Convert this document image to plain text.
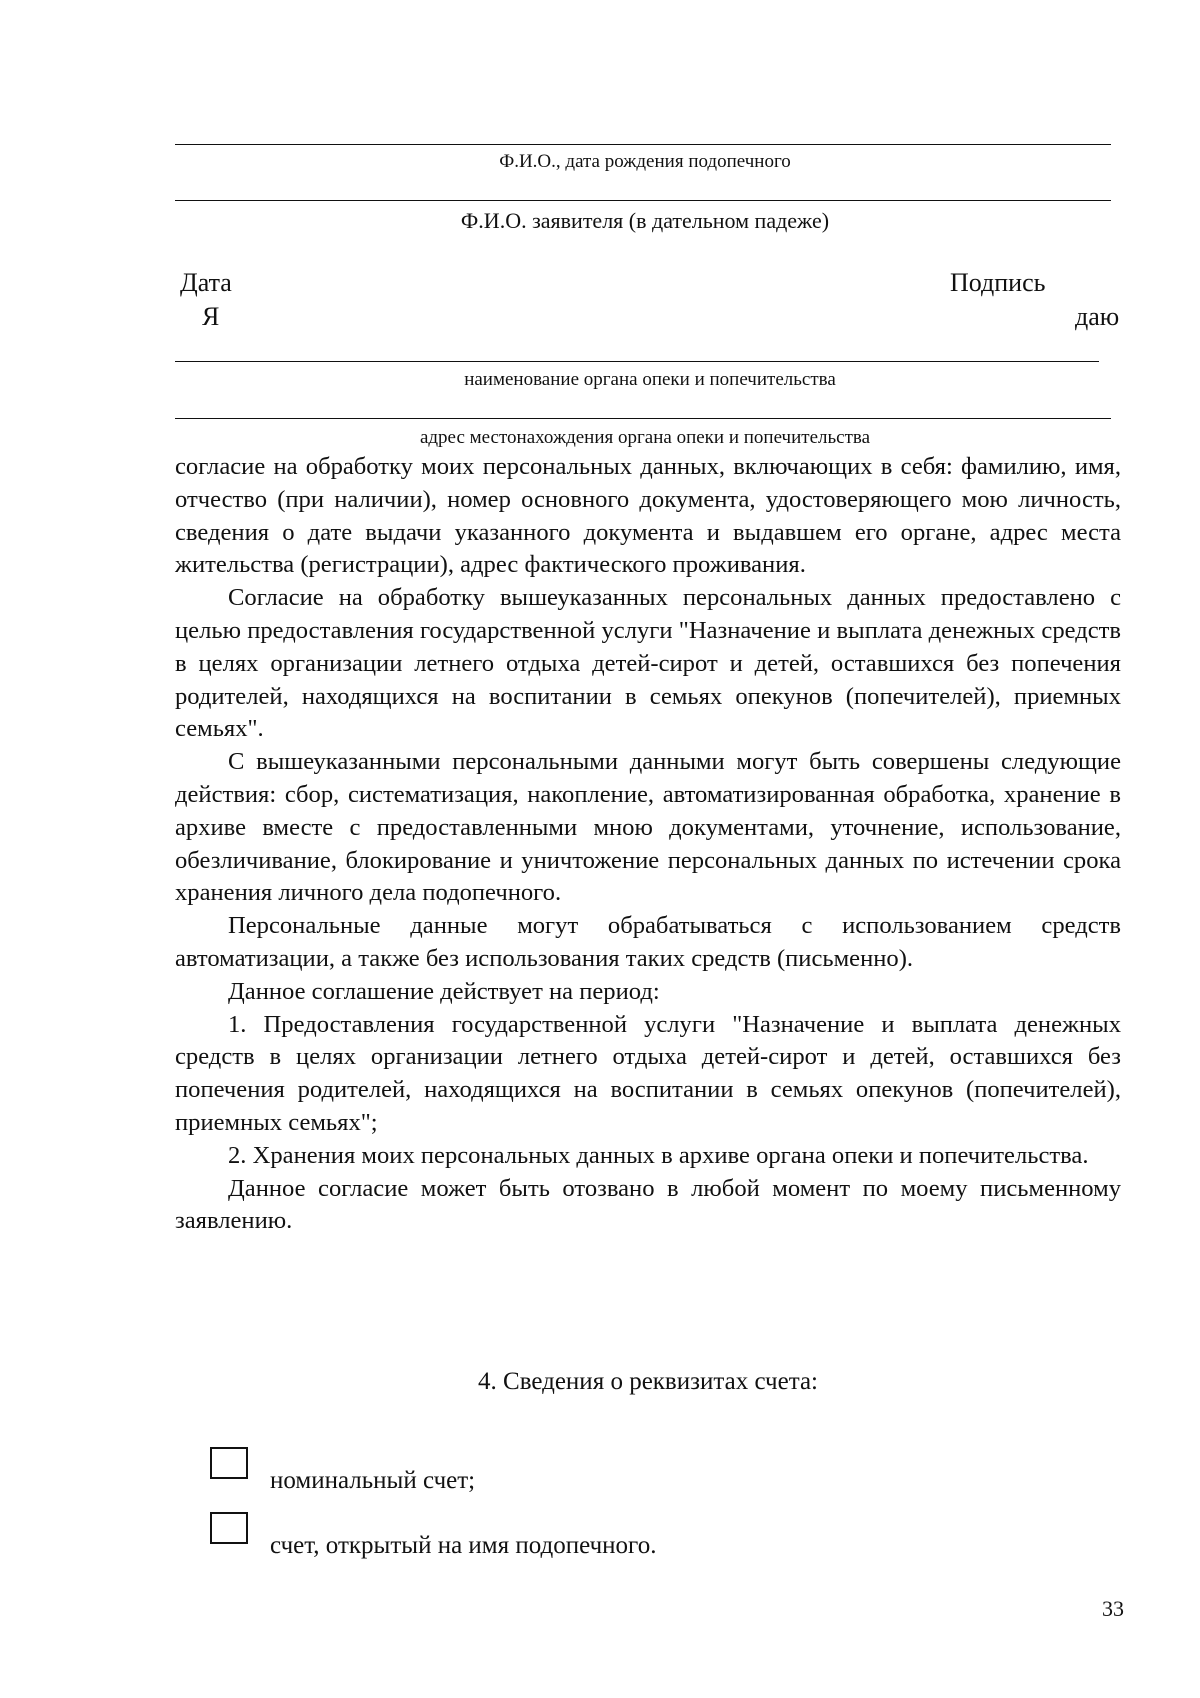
Ф.И.О., дата рождения подопечного
Ф.И.О. заявителя (в дательном падеже)
Дата	Подпись
Я	даю
наименование органа опеки и попечительства
адрес местонахождения органа опеки и попечительства

согласие на обработку моих персональных данных, включающих в себя: фамилию, имя, отчество (при наличии), номер основного документа, удостоверяющего мою личность, сведения о дате выдачи указанного документа и выдавшем его органе, адрес места жительства (регистрации), адрес фактического проживания.

Согласие на обработку вышеуказанных персональных данных предоставлено с целью предоставления государственной услуги "Назначение и выплата денежных средств в целях организации летнего отдыха детей-сирот и детей, оставшихся без попечения родителей, находящихся на воспитании в семьях опекунов (попечителей), приемных семьях".

С вышеуказанными персональными данными могут быть совершены следующие действия: сбор, систематизация, накопление, автоматизированная обработка, хранение в архиве вместе с предоставленными мною документами, уточнение, использование, обезличивание, блокирование и уничтожение персональных данных по истечении срока хранения личного дела подопечного.

Персональные данные могут обрабатываться с использованием средств автоматизации, а также без использования таких средств (письменно).

Данное соглашение действует на период:

1. Предоставления государственной услуги "Назначение и выплата денежных средств в целях организации летнего отдыха детей-сирот и детей, оставшихся без попечения родителей, находящихся на воспитании в семьях опекунов (попечителей), приемных семьях";

2. Хранения моих персональных данных в архиве органа опеки и попечительства.

Данное согласие может быть отозвано в любой момент по моему письменному заявлению.

4. Сведения о реквизитах счета:
номинальный счет;
счет, открытый на имя подопечного.
33
